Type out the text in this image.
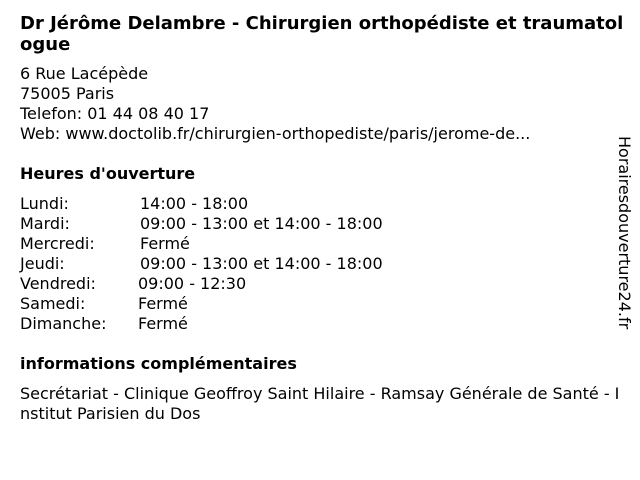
Dr Jérôme Delambre - Chirurgien orthopédiste et traumatologue
6 Rue Lacépède
75005 Paris
Telefon: 01 44 08 40 17
Web: www.doctolib.fr/chirurgien-orthopediste/paris/jerome-de...
Heures d'ouverture
Lundi:	14:00 - 18:00
Mardi:	09:00 - 13:00 et 14:00 - 18:00
Mercredi:	Fermé
Jeudi:	09:00 - 13:00 et 14:00 - 18:00
Vendredi:	09:00 - 12:30
Samedi:	Fermé
Dimanche: Fermé
informations complémentaires
Secrétariat - Clinique Geoffroy Saint Hilaire - Ramsay Générale de Santé - Institut Parisien du Dos
Horairesdouverture24.fr
